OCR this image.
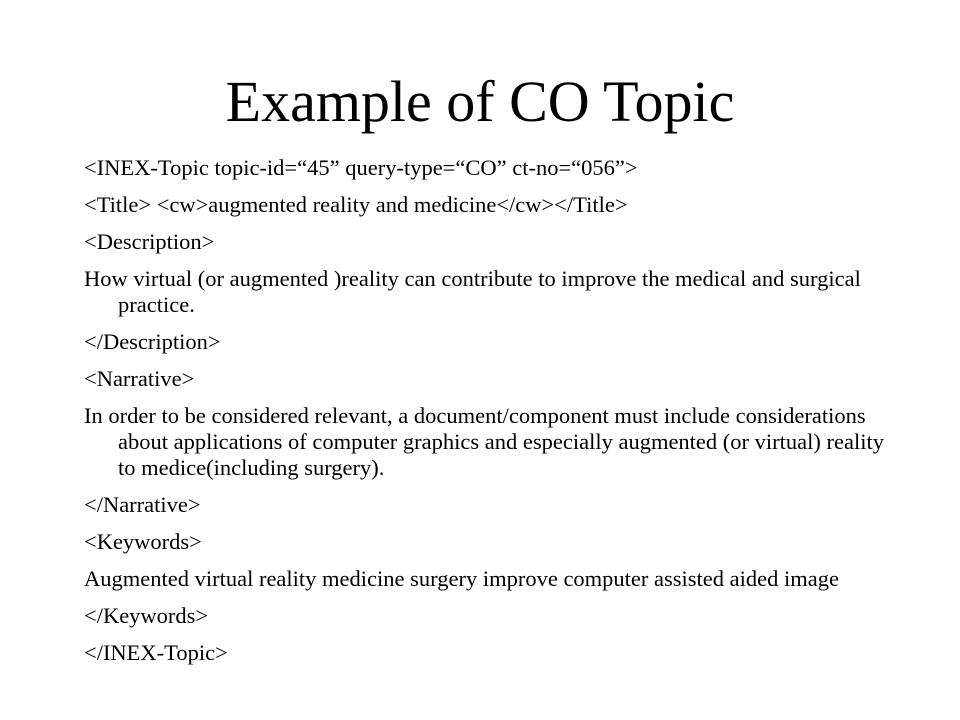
Example of CO Topic

<INEX-Topic topic-id=“45” query-type=“CO” ct-no=“056”>

<Title> <cw>augmented reality and medicine</cw></Title>

<Description>

How virtual (or augmented )reality can contribute to improve the medical and surgical practice.

</Description>

<Narrative>

In order to be considered relevant, a document/component must include considerations about applications of computer graphics and especially augmented (or virtual) reality to medice(including surgery).

</Narrative>

<Keywords>

Augmented virtual reality medicine surgery improve computer assisted aided image

</Keywords>

</INEX-Topic>
